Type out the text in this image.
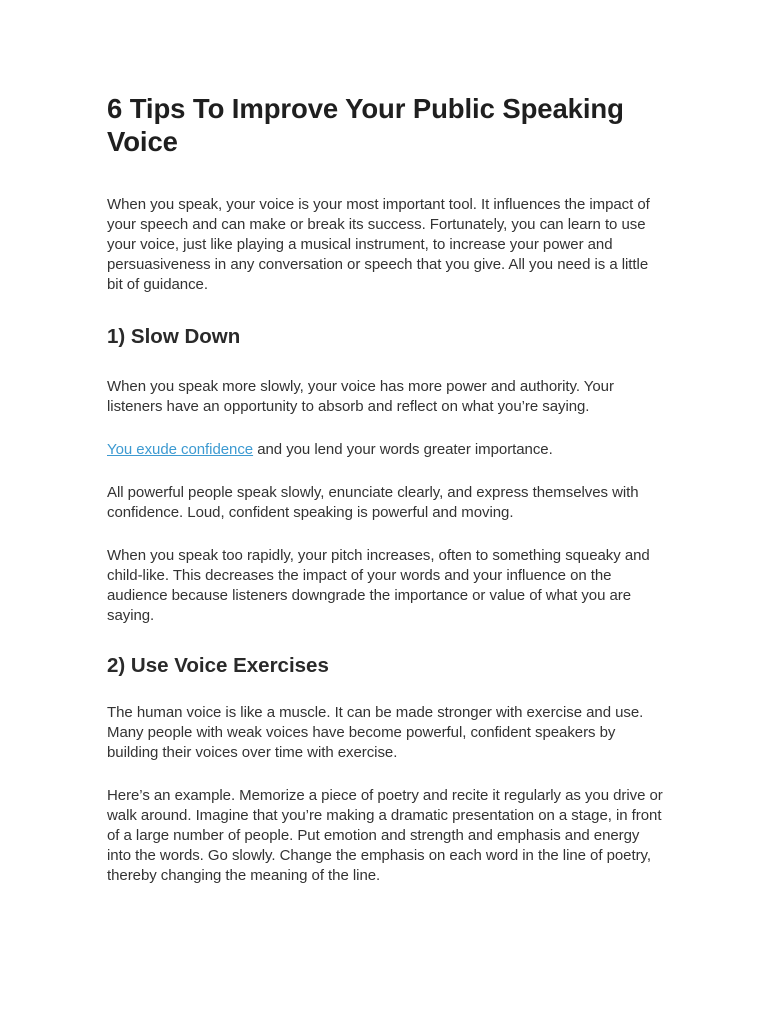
6 Tips To Improve Your Public Speaking Voice

When you speak, your voice is your most important tool. It influences the impact of your speech and can make or break its success. Fortunately, you can learn to use your voice, just like playing a musical instrument, to increase your power and persuasiveness in any conversation or speech that you give. All you need is a little bit of guidance.

1) Slow Down

When you speak more slowly, your voice has more power and authority. Your listeners have an opportunity to absorb and reflect on what you’re saying.

You exude confidence and you lend your words greater importance.

All powerful people speak slowly, enunciate clearly, and express themselves with confidence. Loud, confident speaking is powerful and moving.

When you speak too rapidly, your pitch increases, often to something squeaky and child-like. This decreases the impact of your words and your influence on the audience because listeners downgrade the importance or value of what you are saying.

2) Use Voice Exercises

The human voice is like a muscle. It can be made stronger with exercise and use. Many people with weak voices have become powerful, confident speakers by building their voices over time with exercise.

Here’s an example. Memorize a piece of poetry and recite it regularly as you drive or walk around. Imagine that you’re making a dramatic presentation on a stage, in front of a large number of people. Put emotion and strength and emphasis and energy into the words. Go slowly. Change the emphasis on each word in the line of poetry, thereby changing the meaning of the line.
